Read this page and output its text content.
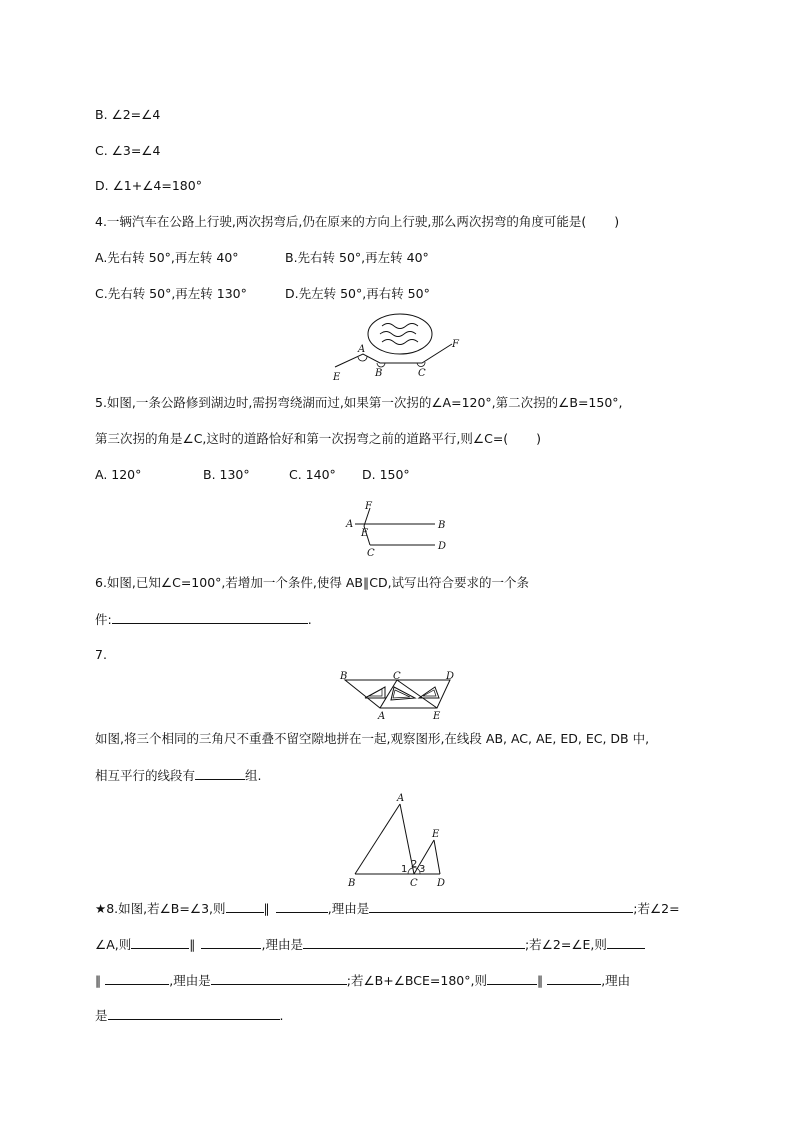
B. ∠2=∠4
C. ∠3=∠4
D. ∠1+∠4=180°
4.一辆汽车在公路上行驶,两次拐弯后,仍在原来的方向上行驶,那么两次拐弯的角度可能是( )
A.先右转 50°,再左转 40°	B.先右转 50°,再左转 40°
C.先右转 50°,再左转 130°	D.先左转 50°,再右转 50°
A
B	C
E
F
5.如图,一条公路修到湖边时,需拐弯绕湖而过,如果第一次拐的∠A=120°,第二次拐的∠B=150°,
第三次拐的角是∠C,这时的道路恰好和第一次拐弯之前的道路平行,则∠C=( )
A. 120°	B. 130°	C. 140° D. 150°
F
A
E
B
C
D
6.如图,已知∠C=100°,若增加一个条件,使得 AB∥CD,试写出符合要求的一个条
件:	.
7.
B	C	D
A	E
如图,将三个相同的三角尺不重叠不留空隙地拼在一起,观察图形,在线段 AB, AC, AE, ED, EC, DB 中,
相互平行的线段有	组.
A
E
B	C D
1 2 3
★8.如图,若∠B=∠3,则	∥	,理由是	;若∠2=
∠A,则	∥	,理由是	;若∠2=∠E,则
∥	,理由是	;若∠B+∠BCE=180°,则	∥	,理由
是	.
